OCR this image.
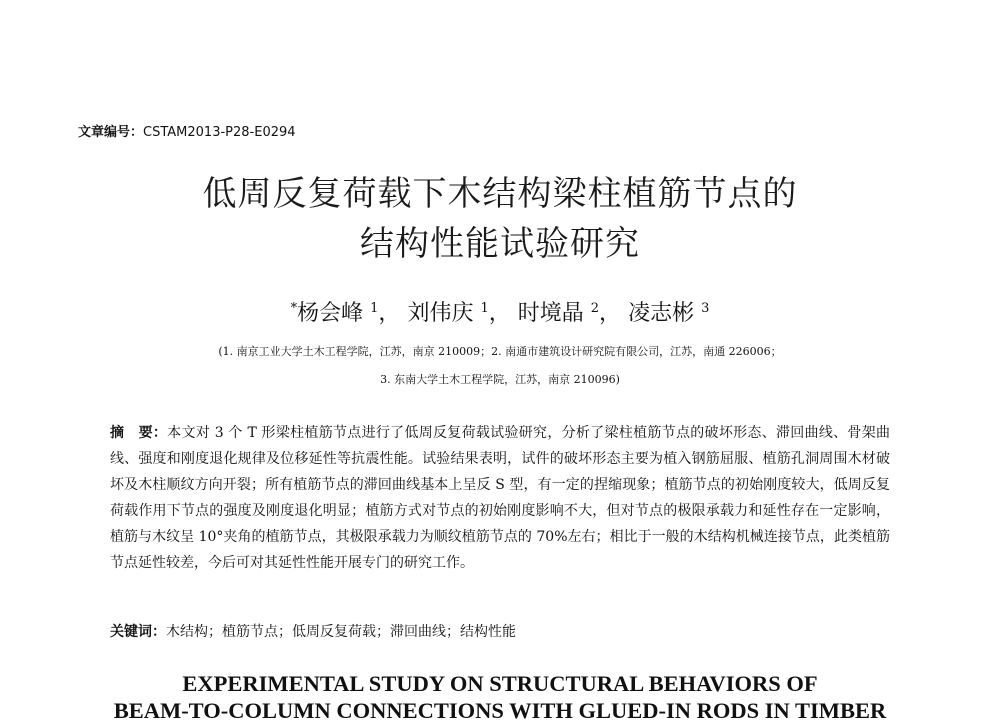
文章编号：CSTAM2013-P28-E0294
低周反复荷载下木结构梁柱植筋节点的
结构性能试验研究
*杨会峰 $^1$， 刘伟庆 $^1$， 时境晶 $^2$， 凌志彬 $^3$
(1. 南京工业大学土木工程学院，江苏，南京 210009；2. 南通市建筑设计研究院有限公司，江苏，南通 226006；
3. 东南大学土木工程学院，江苏，南京 210096)
摘　要：本文对 3 个 T 形梁柱植筋节点进行了低周反复荷载试验研究，分析了梁柱植筋节点的破坏形态、滞回曲线、骨架曲线、强度和刚度退化规律及位移延性等抗震性能。试验结果表明，试件的破坏形态主要为植入钢筋屈服、植筋孔洞周围木材破坏及木柱顺纹方向开裂；所有植筋节点的滞回曲线基本上呈反 S 型，有一定的捏缩现象；植筋节点的初始刚度较大，低周反复荷载作用下节点的强度及刚度退化明显；植筋方式对节点的初始刚度影响不大，但对节点的极限承载力和延性存在一定影响，植筋与木纹呈 10°夹角的植筋节点，其极限承载力为顺纹植筋节点的 70%左右；相比于一般的木结构机械连接节点，此类植筋节点延性较差，今后可对其延性性能开展专门的研究工作。
关键词：木结构；植筋节点；低周反复荷载；滞回曲线；结构性能
EXPERIMENTAL STUDY ON STRUCTURAL BEHAVIORS OF
BEAM-TO-COLUMN CONNECTIONS WITH GLUED-IN RODS IN TIMBER
